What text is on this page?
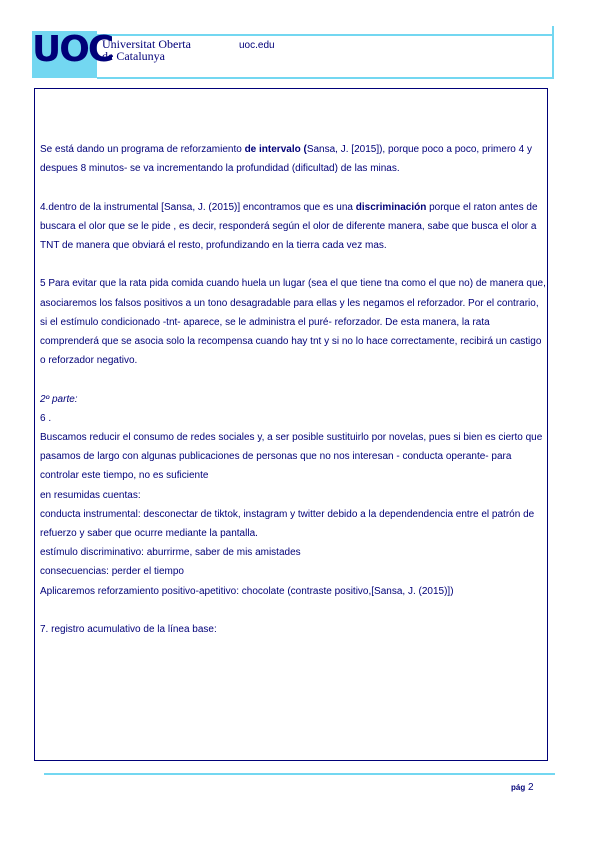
UOC
Universitat Oberta
de Catalunya
uoc.edu

Se está dando un programa de reforzamiento de intervalo (Sansa, J. [2015]), porque poco a poco, primero 4 y despues 8 minutos- se va incrementando la profundidad (dificultad) de las minas.

4.dentro de la instrumental [Sansa, J. (2015)] encontramos que es una discriminación porque el raton antes de buscara el olor que se le pide , es decir, responderá según el olor de diferente manera, sabe que busca el olor a TNT de manera que obviará el resto, profundizando en la tierra cada vez mas.

5 Para evitar que la rata pida comida cuando huela un lugar (sea el que tiene tna como el que no) de manera que, asociaremos los falsos positivos a un tono desagradable para ellas y les negamos el reforzador. Por el contrario, si el estímulo condicionado -tnt- aparece, se le administra el puré- reforzador. De esta manera, la rata comprenderá que se asocia solo la recompensa cuando hay tnt y si no lo hace correctamente, recibirá un castigo o reforzador negativo.

2º parte:

6 .

Buscamos reducir el consumo de redes sociales y, a ser posible sustituirlo por novelas, pues si bien es cierto que pasamos de largo con algunas publicaciones de personas que no nos interesan - conducta operante- para controlar este tiempo, no es suficiente

en resumidas cuentas:

conducta instrumental: desconectar de tiktok, instagram y twitter debido a la dependendencia entre el patrón de refuerzo y saber que ocurre mediante la pantalla.

estímulo discriminativo: aburrirme, saber de mis amistades

consecuencias: perder el tiempo

Aplicaremos reforzamiento positivo-apetitivo: chocolate (contraste positivo,[Sansa, J. (2015)])

7. registro acumulativo de la línea base:

pág 2
